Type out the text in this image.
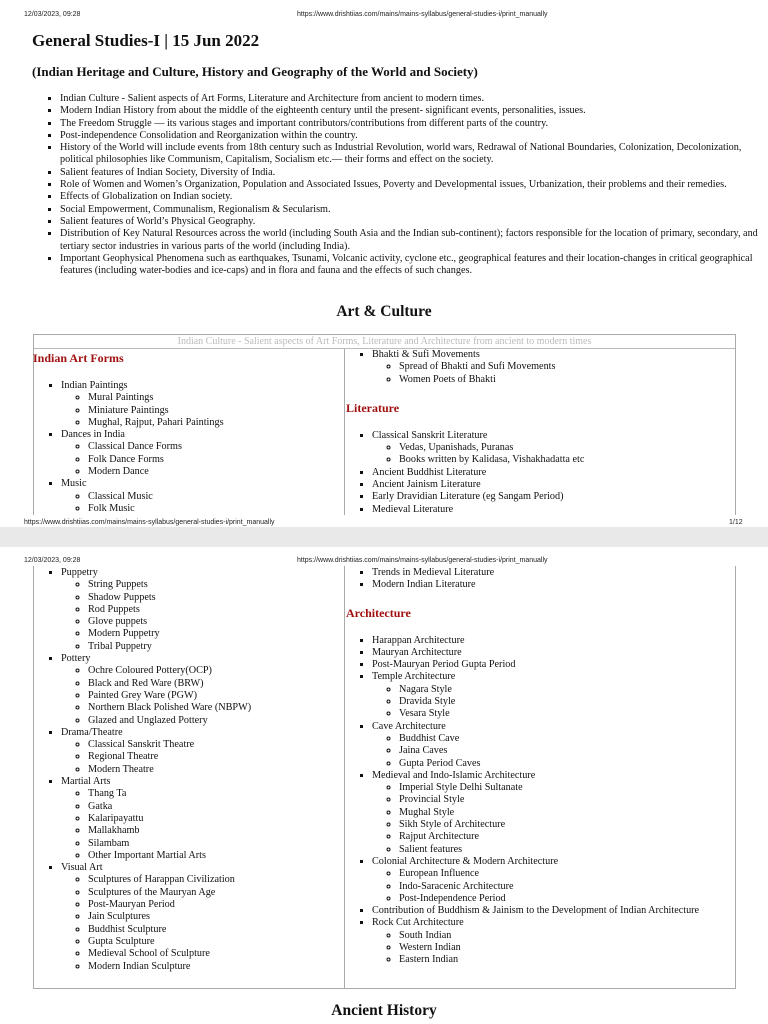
12/03/2023, 09:28	https://www.drishtiias.com/mains/mains-syllabus/general-studies-i/print_manually
General Studies-I | 15 Jun 2022
(Indian Heritage and Culture, History and Geography of the World and Society)
▪ Indian Culture - Salient aspects of Art Forms, Literature and Architecture from ancient to modern times.
▪ Modern Indian History from about the middle of the eighteenth century until the present- significant events, personalities, issues.
▪ The Freedom Struggle — its various stages and important contributors/contributions from different parts of the country.
▪ Post-independence Consolidation and Reorganization within the country.
▪ History of the World will include events from 18th century such as Industrial Revolution, world wars, Redrawal of National Boundaries, Colonization, Decolonization, political philosophies like Communism, Capitalism, Socialism etc.— their forms and effect on the society.
▪ Salient features of Indian Society, Diversity of India.
▪ Role of Women and Women’s Organization, Population and Associated Issues, Poverty and Developmental issues, Urbanization, their problems and their remedies.
▪ Effects of Globalization on Indian society.
▪ Social Empowerment, Communalism, Regionalism & Secularism.
▪ Salient features of World’s Physical Geography.
▪ Distribution of Key Natural Resources across the world (including South Asia and the Indian sub-continent); factors responsible for the location of primary, secondary, and tertiary sector industries in various parts of the world (including India).
▪ Important Geophysical Phenomena such as earthquakes, Tsunami, Volcanic activity, cyclone etc., geographical features and their location-changes in critical geographical features (including water-bodies and ice-caps) and in flora and fauna and the effects of such changes.
Art & Culture
Indian Culture - Salient aspects of Art Forms, Literature and Architecture from ancient to modern times
Indian Art Forms
▪ Indian Paintings
◦ Mural Paintings
◦ Miniature Paintings
◦ Mughal, Rajput, Pahari Paintings
▪ Dances in India
◦ Classical Dance Forms
◦ Folk Dance Forms
◦ Modern Dance
▪ Music
◦ Classical Music
◦ Folk Music
▪ Bhakti & Sufi Movements
◦ Spread of Bhakti and Sufi Movements
◦ Women Poets of Bhakti
Literature
▪ Classical Sanskrit Literature
◦ Vedas, Upanishads, Puranas
◦ Books written by Kalidasa, Vishakhadatta etc
▪ Ancient Buddhist Literature
▪ Ancient Jainism Literature
▪ Early Dravidian Literature (eg Sangam Period)
▪ Medieval Literature
https://www.drishtiias.com/mains/mains-syllabus/general-studies-i/print_manually	1/12
12/03/2023, 09:28	https://www.drishtiias.com/mains/mains-syllabus/general-studies-i/print_manually
▪ Puppetry
◦ String Puppets
◦ Shadow Puppets
◦ Rod Puppets
◦ Glove puppets
◦ Modern Puppetry
◦ Tribal Puppetry
▪ Pottery
◦ Ochre Coloured Pottery(OCP)
◦ Black and Red Ware (BRW)
◦ Painted Grey Ware (PGW)
◦ Northern Black Polished Ware (NBPW)
◦ Glazed and Unglazed Pottery
▪ Drama/Theatre
◦ Classical Sanskrit Theatre
◦ Regional Theatre
◦ Modern Theatre
▪ Martial Arts
◦ Thang Ta
◦ Gatka
◦ Kalaripayattu
◦ Mallakhamb
◦ Silambam
◦ Other Important Martial Arts
▪ Visual Art
◦ Sculptures of Harappan Civilization
◦ Sculptures of the Mauryan Age
◦ Post-Mauryan Period
◦ Jain Sculptures
◦ Buddhist Sculpture
◦ Gupta Sculpture
◦ Medieval School of Sculpture
◦ Modern Indian Sculpture
▪ Trends in Medieval Literature
▪ Modern Indian Literature
Architecture
▪ Harappan Architecture
▪ Mauryan Architecture
▪ Post-Mauryan Period Gupta Period
▪ Temple Architecture
◦ Nagara Style
◦ Dravida Style
◦ Vesara Style
▪ Cave Architecture
◦ Buddhist Cave
◦ Jaina Caves
◦ Gupta Period Caves
▪ Medieval and Indo-Islamic Architecture
◦ Imperial Style Delhi Sultanate
◦ Provincial Style
◦ Mughal Style
◦ Sikh Style of Architecture
◦ Rajput Architecture
◦ Salient features
▪ Colonial Architecture & Modern Architecture
◦ European Influence
◦ Indo-Saracenic Architecture
◦ Post-Independence Period
▪ Contribution of Buddhism & Jainism to the Development of Indian Architecture
▪ Rock Cut Architecture
◦ South Indian
◦ Western Indian
◦ Eastern Indian
Ancient History
